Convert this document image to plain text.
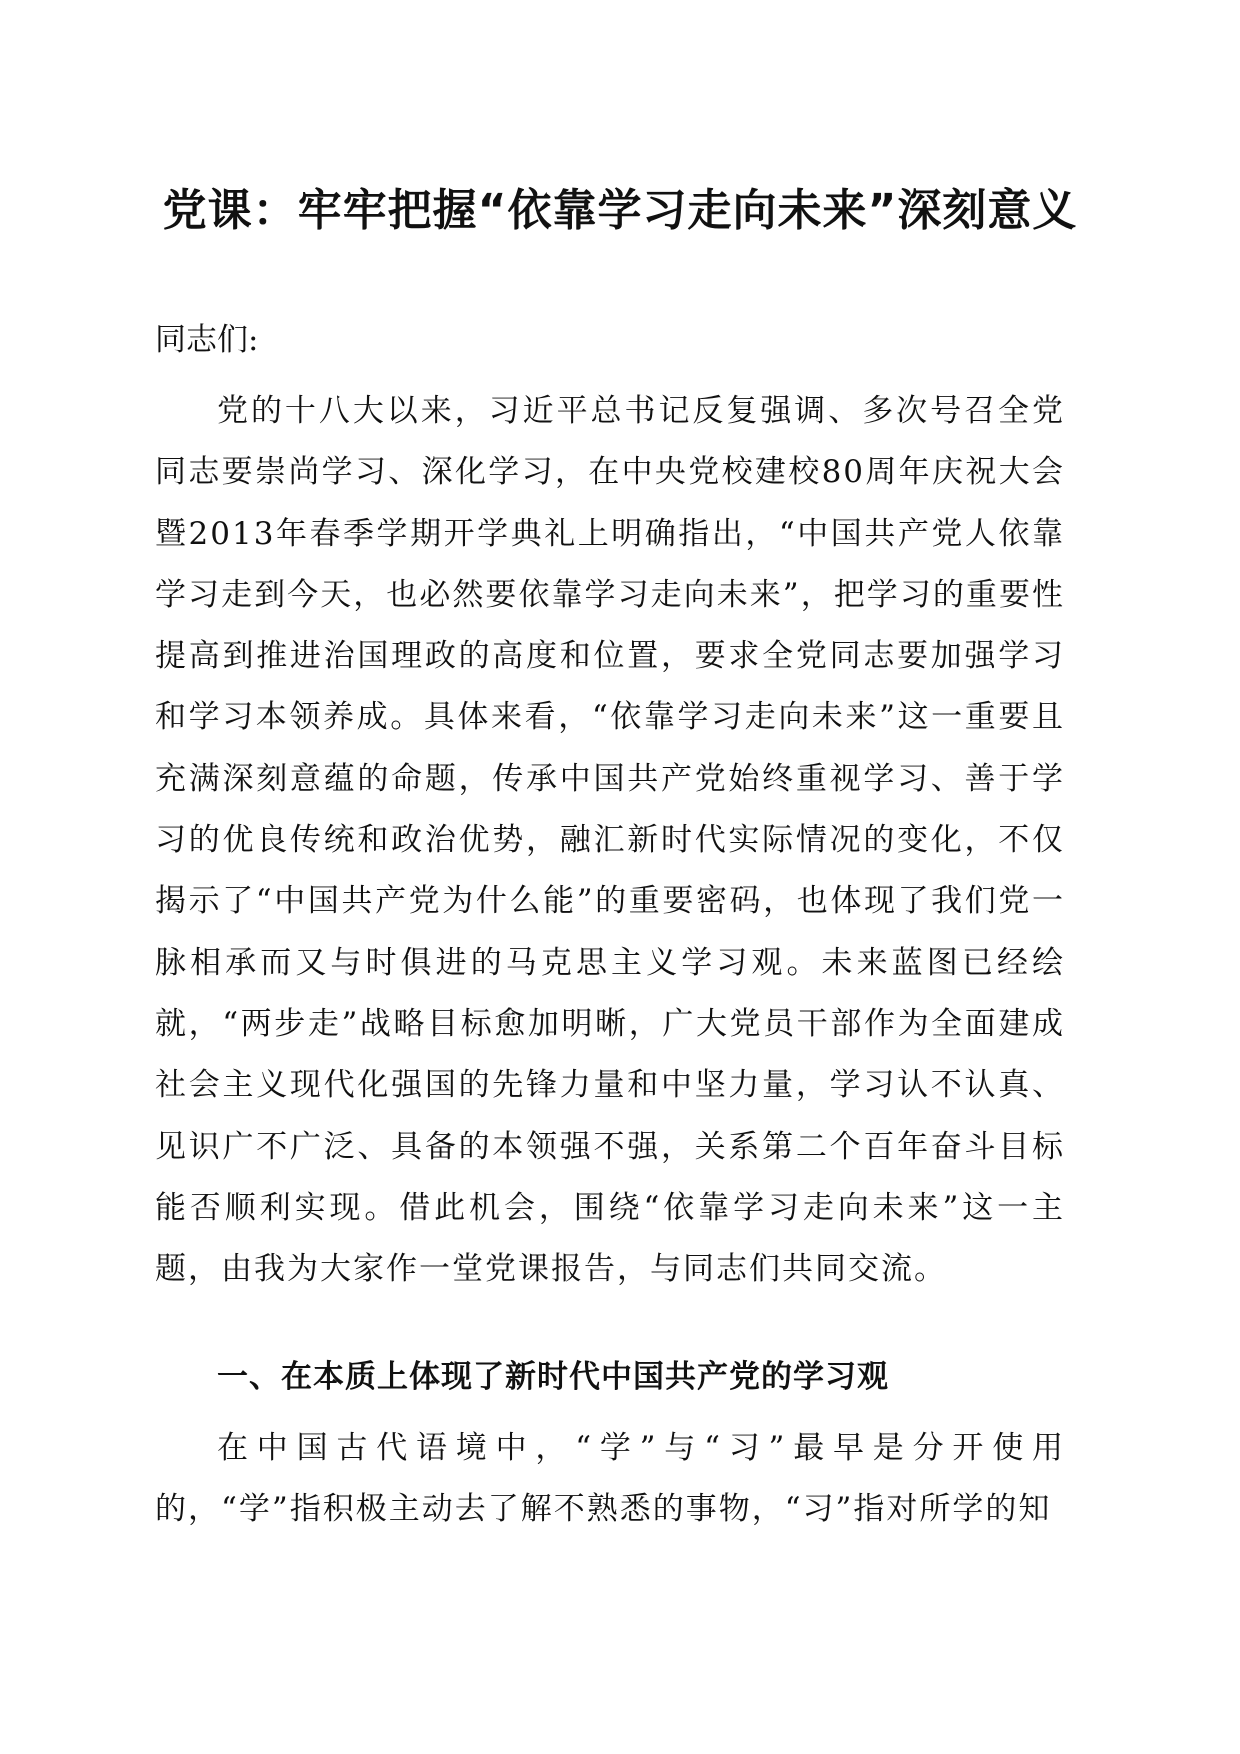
党课：牢牢把握“依靠学习走向未来”深刻意义

同志们:

党的十八大以来，习近平总书记反复强调、多次号召全党同志要崇尚学习、深化学习，在中央党校建校80周年庆祝大会暨2013年春季学期开学典礼上明确指出，“中国共产党人依靠学习走到今天，也必然要依靠学习走向未来”，把学习的重要性提高到推进治国理政的高度和位置，要求全党同志要加强学习和学习本领养成。具体来看，“依靠学习走向未来”这一重要且充满深刻意蕴的命题，传承中国共产党始终重视学习、善于学习的优良传统和政治优势，融汇新时代实际情况的变化，不仅揭示了“中国共产党为什么能”的重要密码，也体现了我们党一脉相承而又与时俱进的马克思主义学习观。未来蓝图已经绘就，“两步走”战略目标愈加明晰，广大党员干部作为全面建成社会主义现代化强国的先锋力量和中坚力量，学习认不认真、见识广不广泛、具备的本领强不强，关系第二个百年奋斗目标能否顺利实现。借此机会，围绕“依靠学习走向未来”这一主题，由我为大家作一堂党课报告，与同志们共同交流。

一、在本质上体现了新时代中国共产党的学习观

在中国古代语境中，“学”与“习”最早是分开使用的，“学”指积极主动去了解不熟悉的事物，“习”指对所学的知
